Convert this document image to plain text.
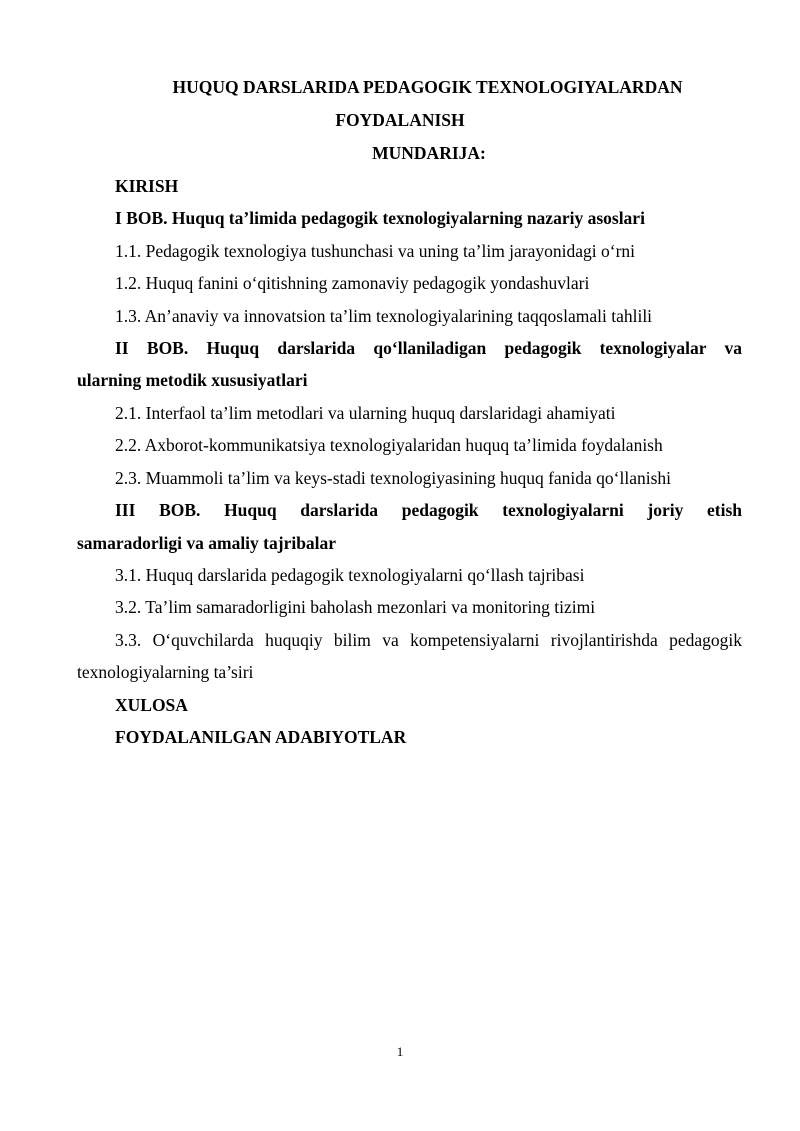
HUQUQ DARSLARIDA PEDAGOGIK TEXNOLOGIYALARDAN

FOYDALANISH

MUNDARIJA:

KIRISH

I BOB. Huquq ta’limida pedagogik texnologiyalarning nazariy asoslari

1.1. Pedagogik texnologiya tushunchasi va uning ta’lim jarayonidagi o‘rni

1.2. Huquq fanini o‘qitishning zamonaviy pedagogik yondashuvlari

1.3. An’anaviy va innovatsion ta’lim texnologiyalarining taqqoslamali tahlili

II BOB. Huquq darslarida qo‘llaniladigan pedagogik texnologiyalar va

ularning metodik xususiyatlari

2.1. Interfaol ta’lim metodlari va ularning huquq darslaridagi ahamiyati

2.2. Axborot-kommunikatsiya texnologiyalaridan huquq ta’limida foydalanish

2.3. Muammoli ta’lim va keys-stadi texnologiyasining huquq fanida qo‘llanishi

III BOB. Huquq darslarida pedagogik texnologiyalarni joriy etish

samaradorligi va amaliy tajribalar

3.1. Huquq darslarida pedagogik texnologiyalarni qo‘llash tajribasi

3.2. Ta’lim samaradorligini baholash mezonlari va monitoring tizimi

3.3. O‘quvchilarda huquqiy bilim va kompetensiyalarni rivojlantirishda pedagogik

texnologiyalarning ta’siri

XULOSA

FOYDALANILGAN ADABIYOTLAR

1
